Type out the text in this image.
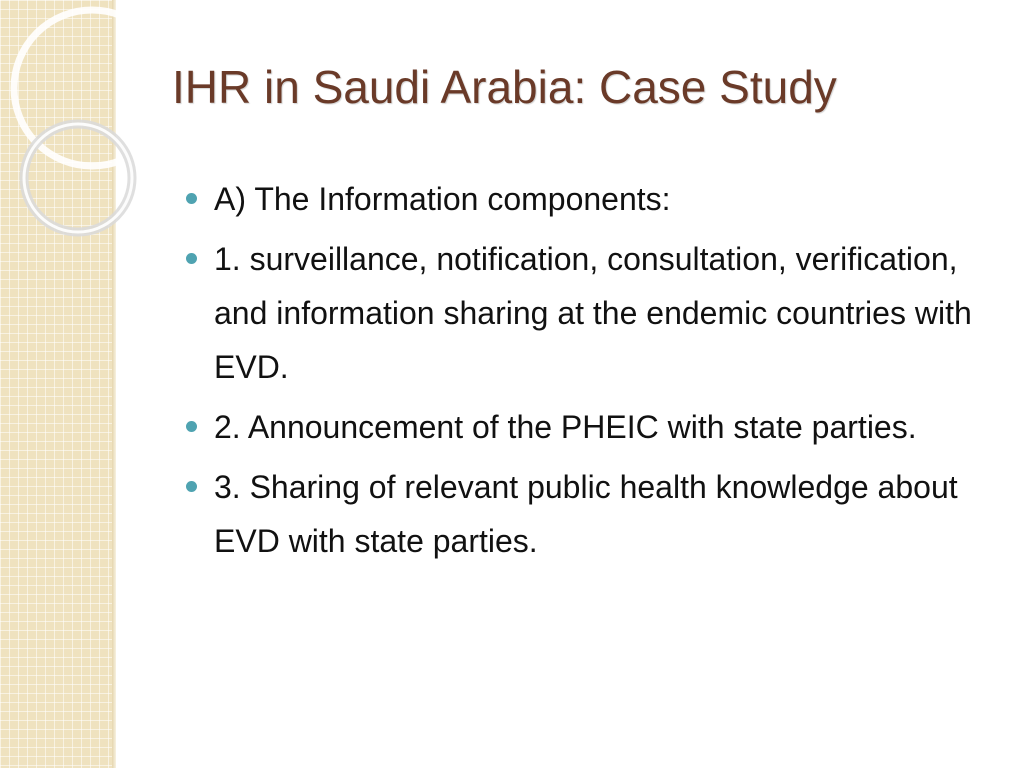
IHR in Saudi Arabia: Case Study
A) The Information components:
1. surveillance, notification, consultation, verification, and information sharing at the endemic countries with EVD.
2. Announcement of the PHEIC with state parties.
3. Sharing of relevant public health knowledge about EVD with state parties.
